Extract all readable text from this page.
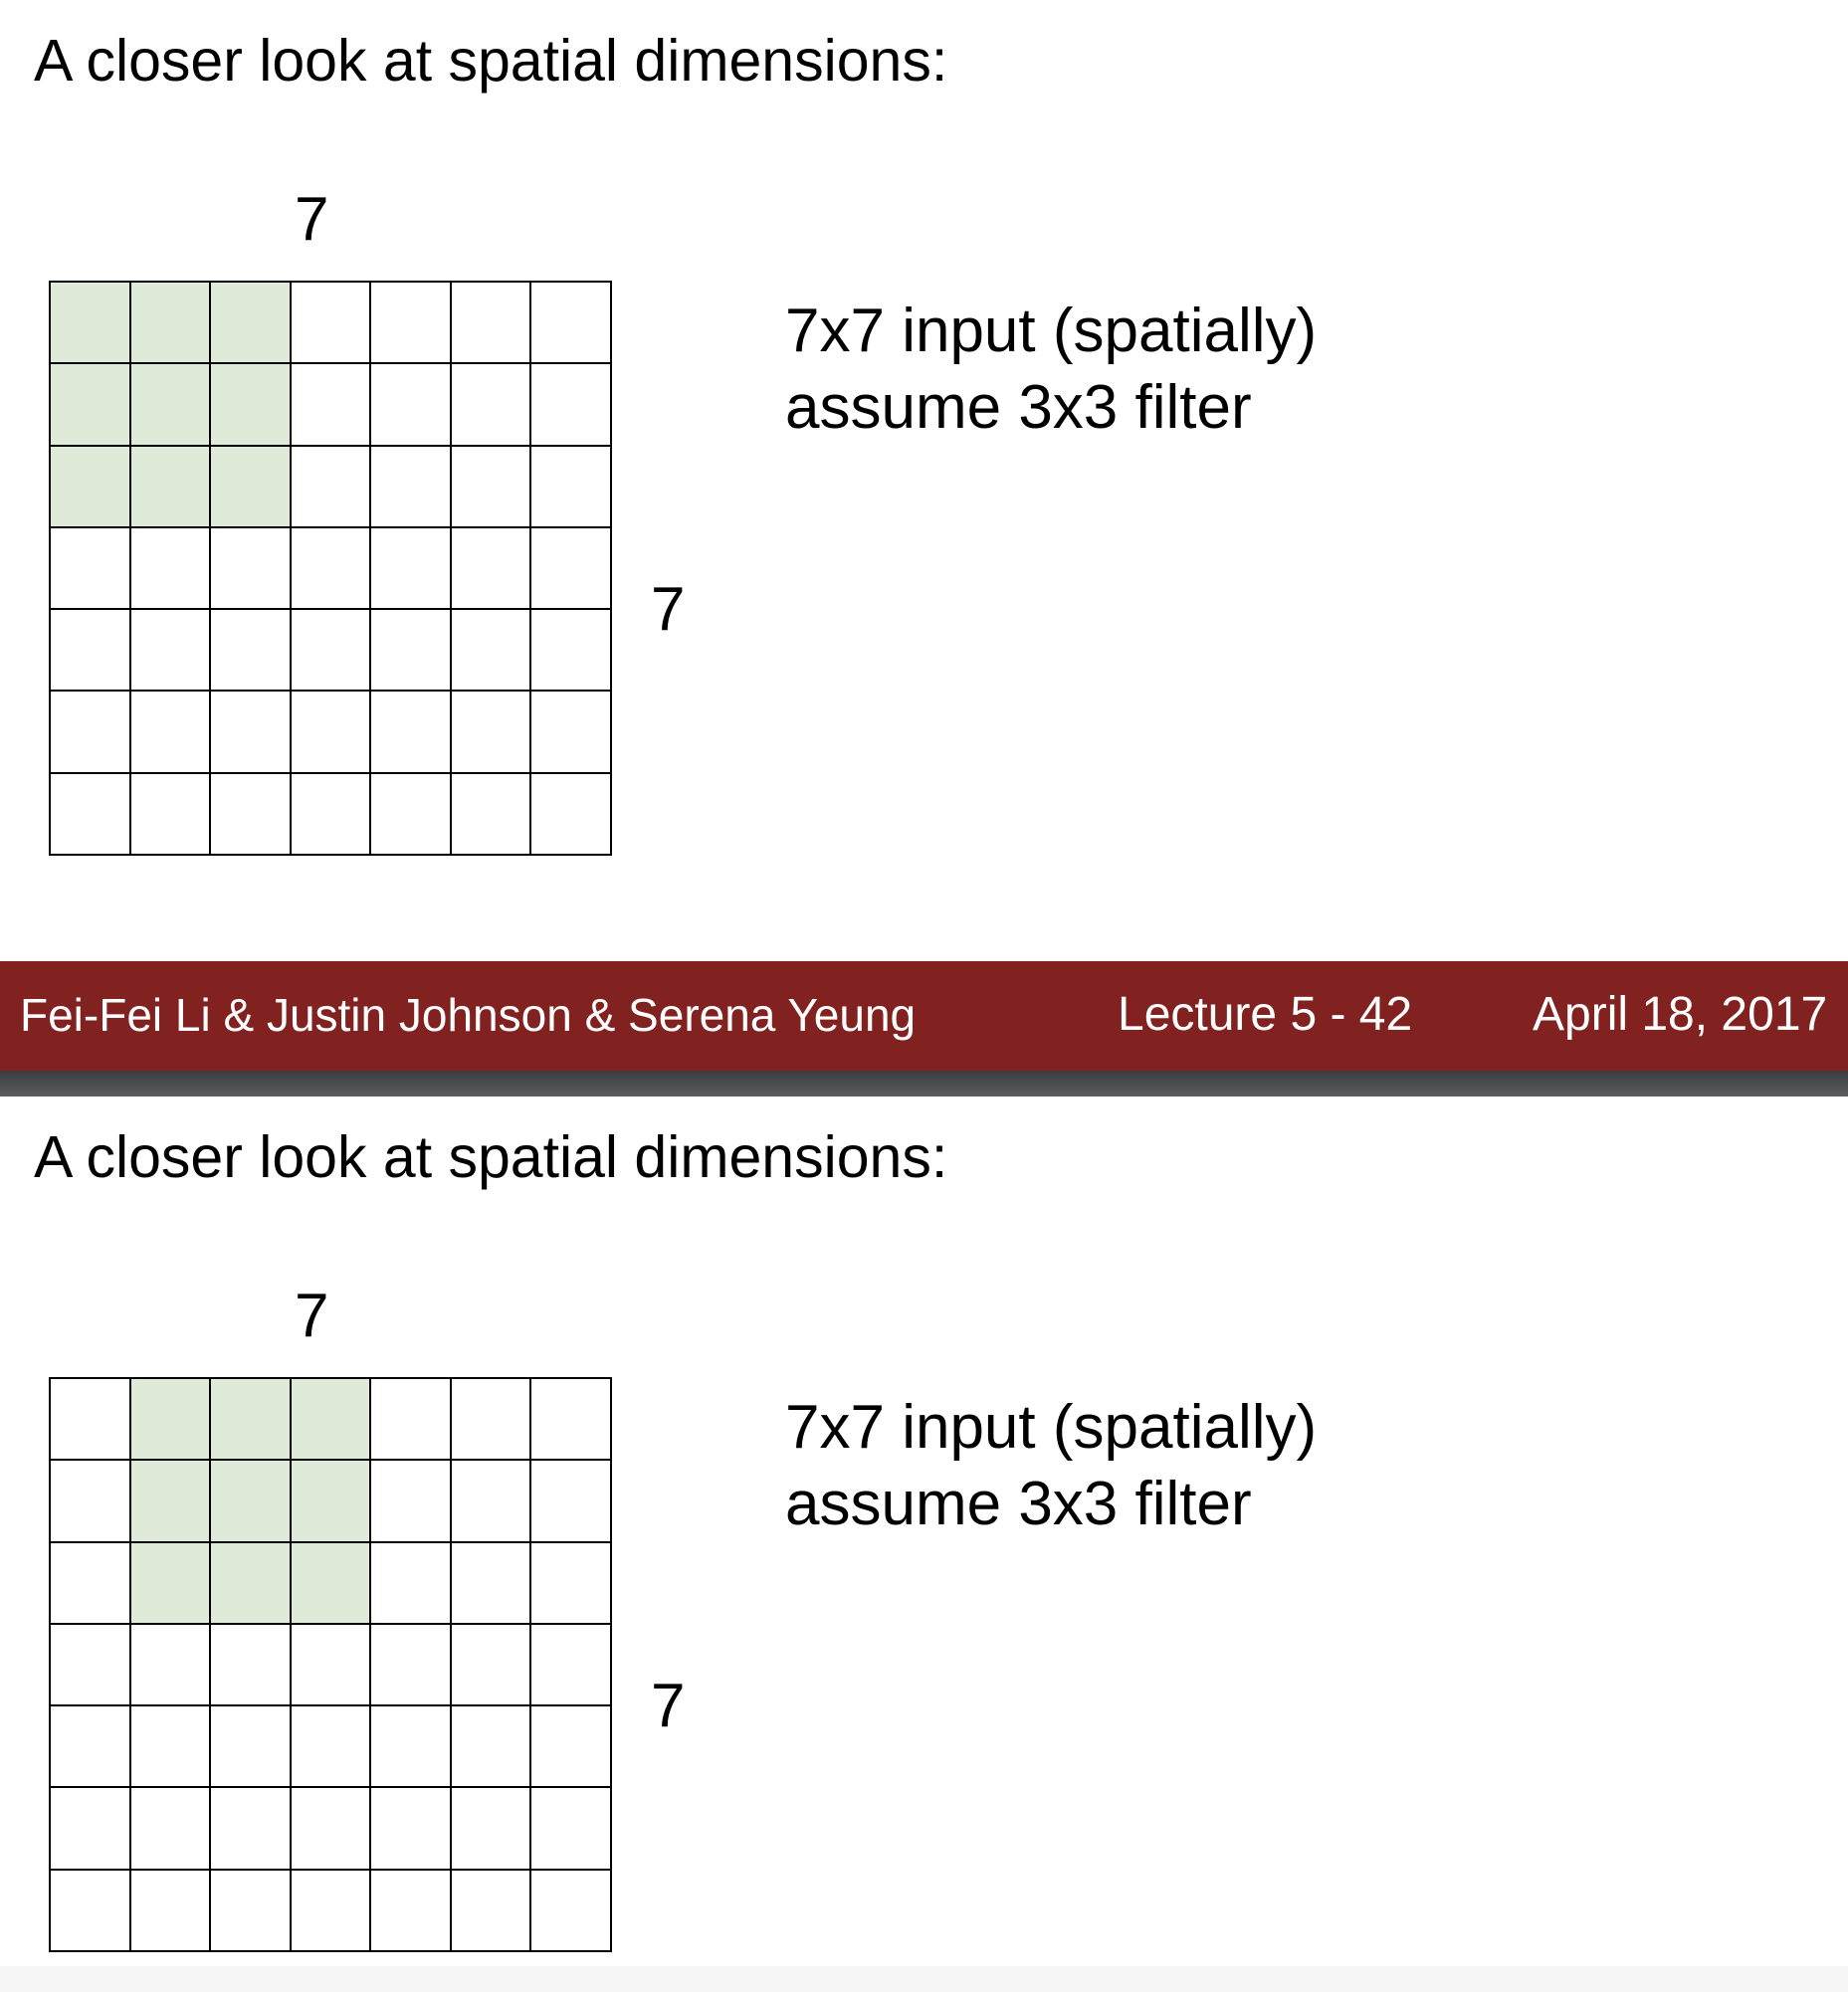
A closer look at spatial dimensions:
7
7
7x7 input (spatially)
assume 3x3 filter
Fei-Fei Li & Justin Johnson & Serena Yeung	Lecture 5 - 42	April 18, 2017
A closer look at spatial dimensions:
7
7
7x7 input (spatially)
assume 3x3 filter
